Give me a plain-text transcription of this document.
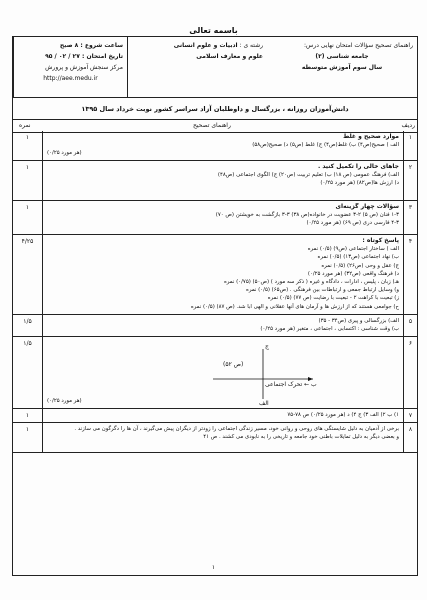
باسمه تعالی
راهنمای تصحیح سؤالات امتحان نهایی درس:
جامعه شناسی (۲)
سال سوم آموزش متوسطه
رشته ی : ادبیات و علوم انسانی
علوم و معارف اسلامی
ساعت شروع : ۸ صبح
تاریخ امتحان : ۲۷ / ۰۲ / ۹۵
مرکز سنجش آموزش و پرورش
http://aee.medu.ir
دانش‌آموزان روزانه ، بزرگسال و داوطلبان آزاد سراسر کشور نوبت خرداد سال ۱۳۹۵
ردیف
راهنمای تصحیح
نمره
۱
موارد صحیح و غلط
الف ) صحیح(ص۴) ب) غلط(ص۴) ج) غلط (ص۵) د) صحیح(ص۵۸)
(هر مورد ۰/۲۵)
۱
۲
جاهای خالی را تکمیل کنید .
الف) فرهنگ عمومی (ص ۱۸) ب) تعلیم تربیت (ص۲۰) ج) الگوی اجتماعی (ص۴۸)
د) ارزش ها(ص۸۲) (هر مورد ۰/۲۵)
۱
۳
سؤالات چهار گزینه‌ای
۱-۳ فنان (ص ۵) ۲-۳ عضویت در خانواده(ص ۳۸) ۳-۳ بازگشت به خویشتن (ص ۷۰)
۴-۳ فارسی دری (ص ۶۹) (هر مورد ۰/۲۵)
۱
۴
پاسخ کوتاه :
الف ) ساختار اجتماعی (ص۹) (۰/۵) نمره
ب) نهاد اجتماعی (ص۱۳) (۰/۵) نمره
ج) عقل و وحی (ص۲۶) (۰/۵) نمره
د) فرهنگ واقعی (ص۳۲) (هر مورد ۰/۲۵)
هـ) زبان ، پلیس ، ادارات ، دادگاه و غیره ( ذکر سه مورد ) (ص۵۰) (۰/۷۵) نمره
و) وسایل ارتباط جمعی و ارتباطات بین فرهنگی . (ص۶۵) (۰/۵) نمره
ز) تبعیت با کراهت ۲ - تبعیت با رضایت (ص ۷۷) (۰/۵) نمره
ح) جوامعی هستند که از ارزش ها و آرمان های آنها عقلانی و الهی ابا شد. (ص ۸۷) (۰/۵) نمره
۴/۲۵
۵
الف) بزرگسالی و پیری (ص۳۴ - ۳۵)
ب) وقت شناسی : اکتسابی ، اجتماعی ، متغیر (هر مورد ۰/۲۵)
۱/۵
۶
ج
(ص ۵۲)
ب ← تحرک اجتماعی
الف
(هر مورد ۰/۲۵)
۱/۵
۷
۱) ب ۲) الف ۳) ج ۴) د (هر مورد ۰/۲۵) ص ۷۸-۷۵
۱
۸
برخی از آدمیان به دلیل شایستگی های روحی و روانی خود، مسیر زندگی اجتماعی را زودتر از دیگران پیش می‌گیرند ، آن ها را دگرگون می سازند .
و بعضی دیگر به دلیل تمایلات باطنی خود جامعه و تاریخی را به نابودی می کشند . ص ۴۱
۱
۱
